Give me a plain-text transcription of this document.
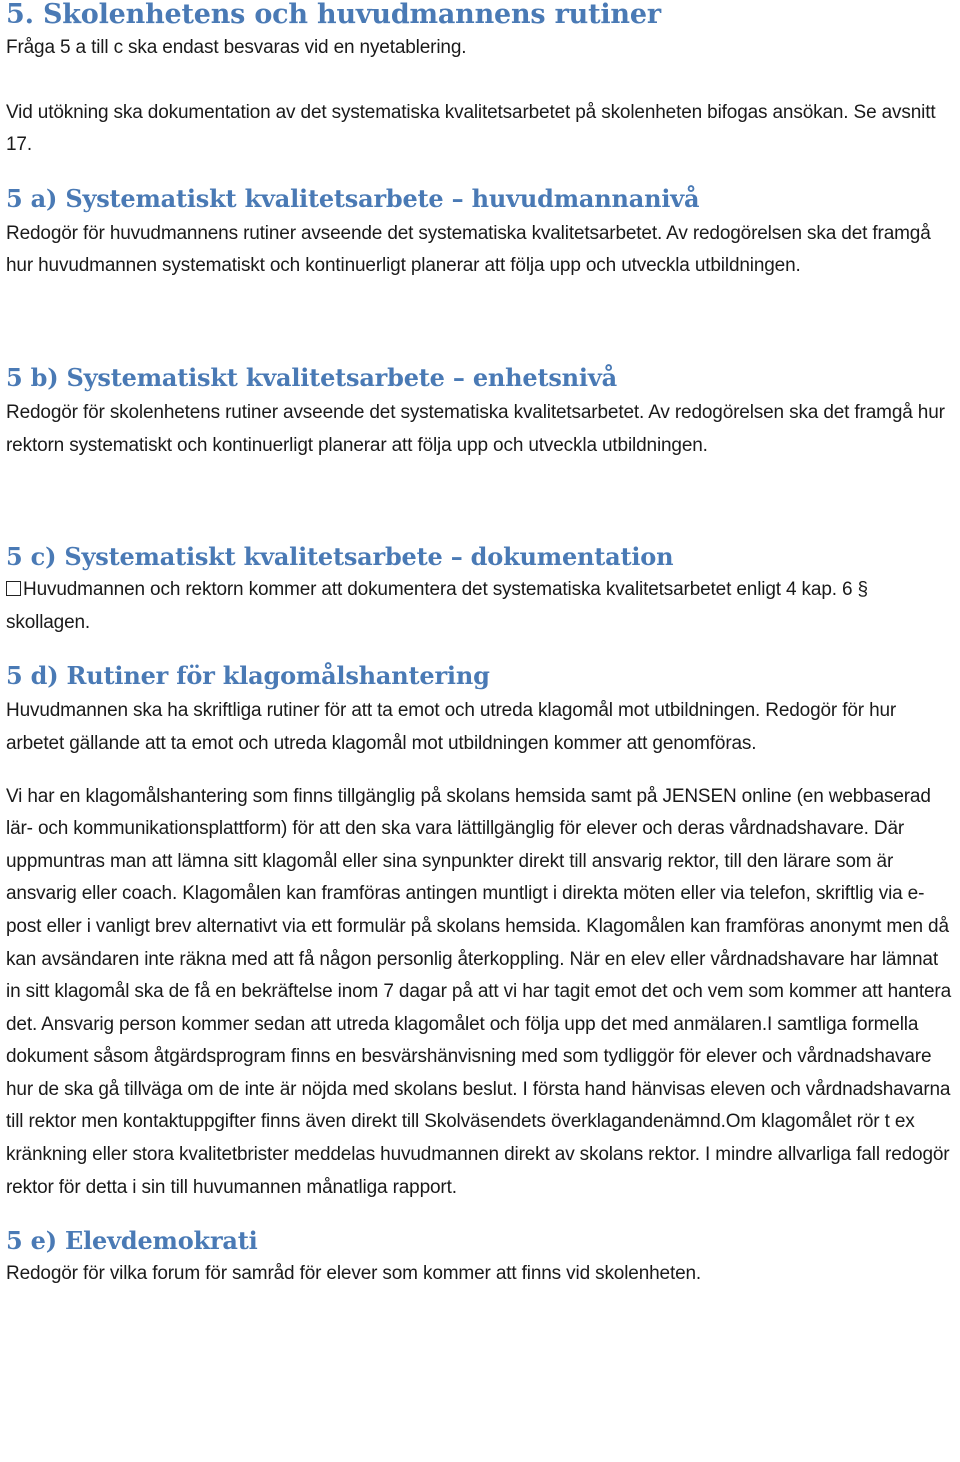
5. Skolenhetens och huvudmannens rutiner

Fråga 5 a till c ska endast besvaras vid en nyetablering.

Vid utökning ska dokumentation av det systematiska kvalitetsarbetet på skolenheten bifogas ansökan. Se avsnitt 17.

5 a) Systematiskt kvalitetsarbete – huvudmannanivå

Redogör för huvudmannens rutiner avseende det systematiska kvalitetsarbetet. Av redogörelsen ska det framgå hur huvudmannen systematiskt och kontinuerligt planerar att följa upp och utveckla utbildningen.

5 b) Systematiskt kvalitetsarbete – enhetsnivå

Redogör för skolenhetens rutiner avseende det systematiska kvalitetsarbetet. Av redogörelsen ska det framgå hur rektorn systematiskt och kontinuerligt planerar att följa upp och utveckla utbildningen.

5 c) Systematiskt kvalitetsarbete – dokumentation

Huvudmannen och rektorn kommer att dokumentera det systematiska kvalitetsarbetet enligt 4 kap. 6 § skollagen.

5 d) Rutiner för klagomålshantering

Huvudmannen ska ha skriftliga rutiner för att ta emot och utreda klagomål mot utbildningen. Redogör för hur arbetet gällande att ta emot och utreda klagomål mot utbildningen kommer att genomföras.

Vi har en klagomålshantering som finns tillgänglig på skolans hemsida samt på JENSEN online (en webbaserad lär- och kommunikationsplattform) för att den ska vara lättillgänglig för elever och deras vårdnadshavare. Där uppmuntras man att lämna sitt klagomål eller sina synpunkter direkt till ansvarig rektor, till den lärare som är ansvarig eller coach. Klagomålen kan framföras antingen muntligt i direkta möten eller via telefon, skriftlig via e-post eller i vanligt brev alternativt via ett formulär på skolans hemsida. Klagomålen kan framföras anonymt men då kan avsändaren inte räkna med att få någon personlig återkoppling. När en elev eller vårdnadshavare har lämnat in sitt klagomål ska de få en bekräftelse inom 7 dagar på att vi har tagit emot det och vem som kommer att hantera det. Ansvarig person kommer sedan att utreda klagomålet och följa upp det med anmälaren.I samtliga formella dokument såsom åtgärdsprogram finns en besvärshänvisning med som tydliggör för elever och vårdnadshavare hur de ska gå tillväga om de inte är nöjda med skolans beslut. I första hand hänvisas eleven och vårdnadshavarna till rektor men kontaktuppgifter finns även direkt till Skolväsendets överklagandenämnd.Om klagomålet rör t ex kränkning eller stora kvalitetbrister meddelas huvudmannen direkt av skolans rektor. I mindre allvarliga fall redogör rektor för detta i sin till huvumannen månatliga rapport.

5 e) Elevdemokrati

Redogör för vilka forum för samråd för elever som kommer att finns vid skolenheten.
